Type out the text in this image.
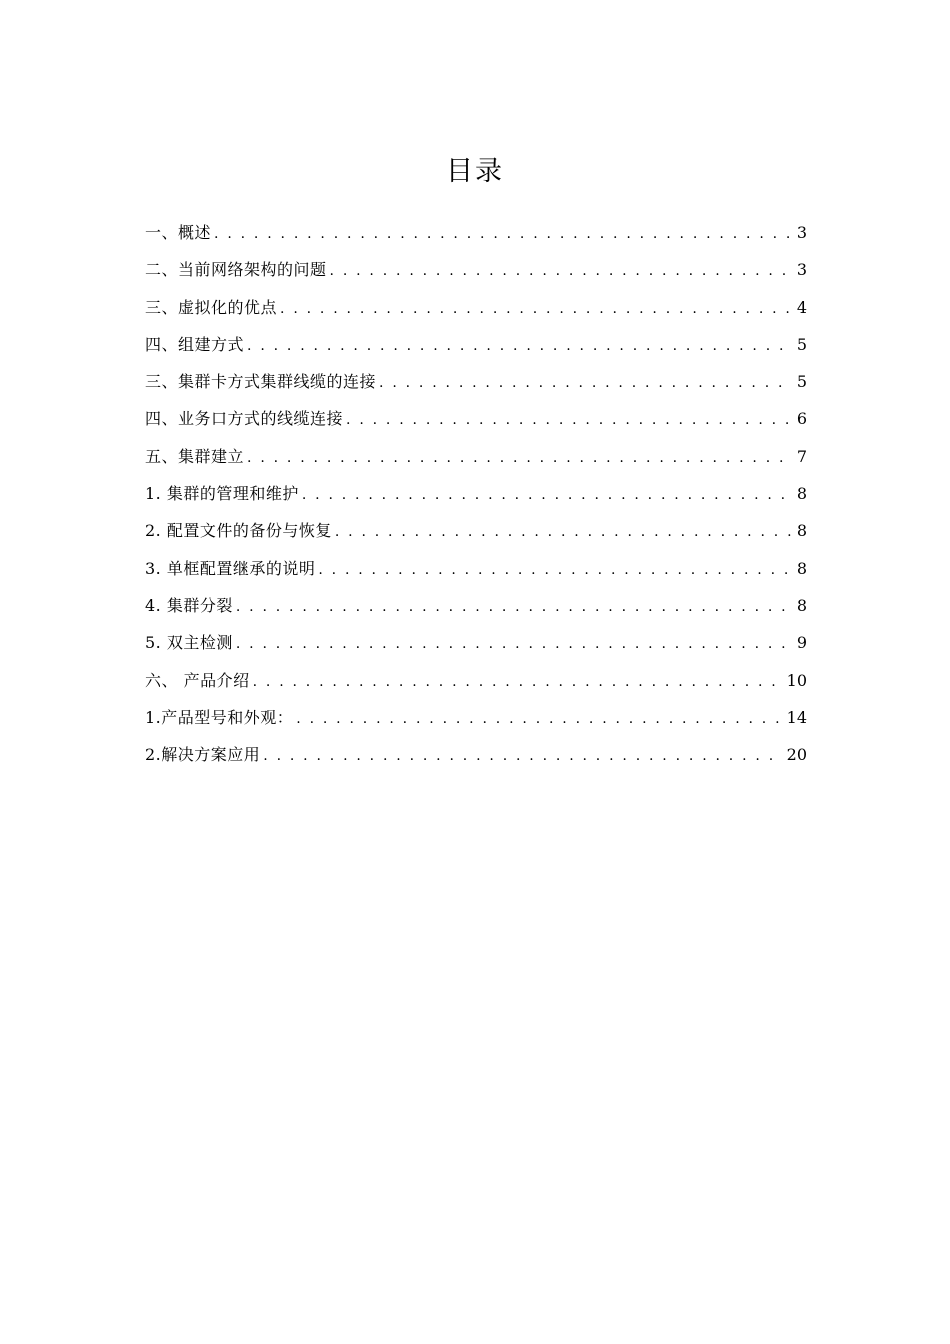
目录
一、概述 . . .	3
二、当前网络架构的问题 . . .	3
三、虚拟化的优点 . . .	4
四、组建方式 . . .	5
三、集群卡方式集群线缆的连接 . . .	5
四、业务口方式的线缆连接 . . .	6
五、集群建立 . . .	7
1. 集群的管理和维护 . . .	8
2. 配置文件的备份与恢复 . . .	8
3. 单框配置继承的说明 . . .	8
4. 集群分裂 . . .	8
5. 双主检测 . . .	9
六、 产品介绍 . . .	10
1.产品型号和外观： . . .	14
2.解决方案应用 . . .	20
